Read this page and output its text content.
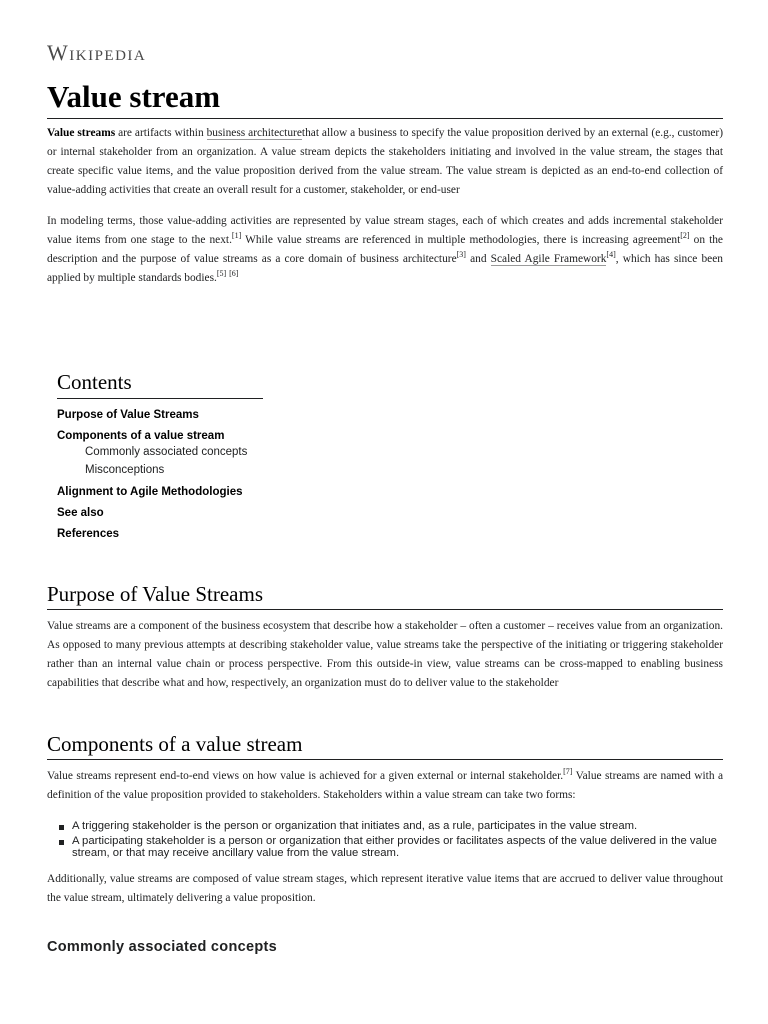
Wikipedia
Value stream

Value streams are artifacts within business architecturethat allow a business to specify the value proposition derived by an external (e.g., customer) or internal stakeholder from an organization. A value stream depicts the stakeholders initiating and involved in the value stream, the stages that create specific value items, and the value proposition derived from the value stream. The value stream is depicted as an end-to-end collection of value-adding activities that create an overall result for a customer, stakeholder, or end-user

In modeling terms, those value-adding activities are represented by value stream stages, each of which creates and adds incremental stakeholder value items from one stage to the next.[1] While value streams are referenced in multiple methodologies, there is increasing agreement[2] on the description and the purpose of value streams as a core domain of business architecture[3] and Scaled Agile Framework[4], which has since been applied by multiple standards bodies.[5] [6]

Contents
Purpose of Value Streams
Components of a value stream
Commonly associated concepts
Misconceptions
Alignment to Agile Methodologies
See also
References
Purpose of Value Streams

Value streams are a component of the business ecosystem that describe how a stakeholder – often a customer – receives value from an organization. As opposed to many previous attempts at describing stakeholder value, value streams take the perspective of the initiating or triggering stakeholder rather than an internal value chain or process perspective. From this outside-in view, value streams can be cross-mapped to enabling business capabilities that describe what and how, respectively, an organization must do to deliver value to the stakeholder

Components of a value stream

Value streams represent end-to-end views on how value is achieved for a given external or internal stakeholder.[7] Value streams are named with a definition of the value proposition provided to stakeholders. Stakeholders within a value stream can take two forms:

A triggering stakeholder is the person or organization that initiates and, as a rule, participates in the value stream.
A participating stakeholder is a person or organization that either provides or facilitates aspects of the value delivered in the value stream, or that may receive ancillary value from the value stream.

Additionally, value streams are composed of value stream stages, which represent iterative value items that are accrued to deliver value throughout the value stream, ultimately delivering a value proposition.

Commonly associated concepts
